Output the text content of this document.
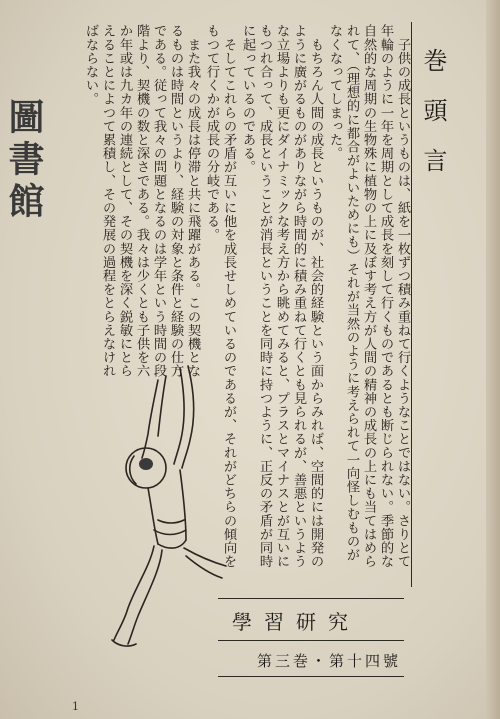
圖書館	巻頭言
　子供の成長というものは、紙を一枚ずつ積み重ねて行くようなことではない。さりとて
年輪のように一年を周期として成長を刻して行くものであるとも断じられない。季節的な
自然的な周期の生物殊に植物の上に及ぼす考え方が人間の精神の成長の上にも当てはめら
れて、（理想的に都合がよいためにも）それが当然のように考えられて一向怪しむものが
なくなってしまった。
　もちろん人間の成長というものが、社会的経験という面からみれば、空間的には開発の
ように廣がるものがありながら時間的に積み重ねて行くとも見られるが、善悪というよう
な立場よりも更にダイナミックな考え方から眺めてみると、プラスとマイナスとが互いに
もつれ合って、成長ということが消長ということを同時に持つように、正反の矛盾が同時
に起っているのである。
　そしてこれらの矛盾が互いに他を成長せしめているのであるが、それがどちらの傾向を
もつて行くかが成長の分岐である。
　また我々の成長は停滞と共に飛躍がある。この契機とな
るものは時間というより、経験の対象と条件と経験の仕方
である。従って我々の問題となるのは学年という時間の段
階より、契機の数と深さである。我々は少くとも子供を六
か年或は九カ年の連続として、その契機を深く鋭敏にとら
えることによつて累積し、その発展の過程をとらえなけれ
ばならない。
學習研究
第三巻・第十四號
1
